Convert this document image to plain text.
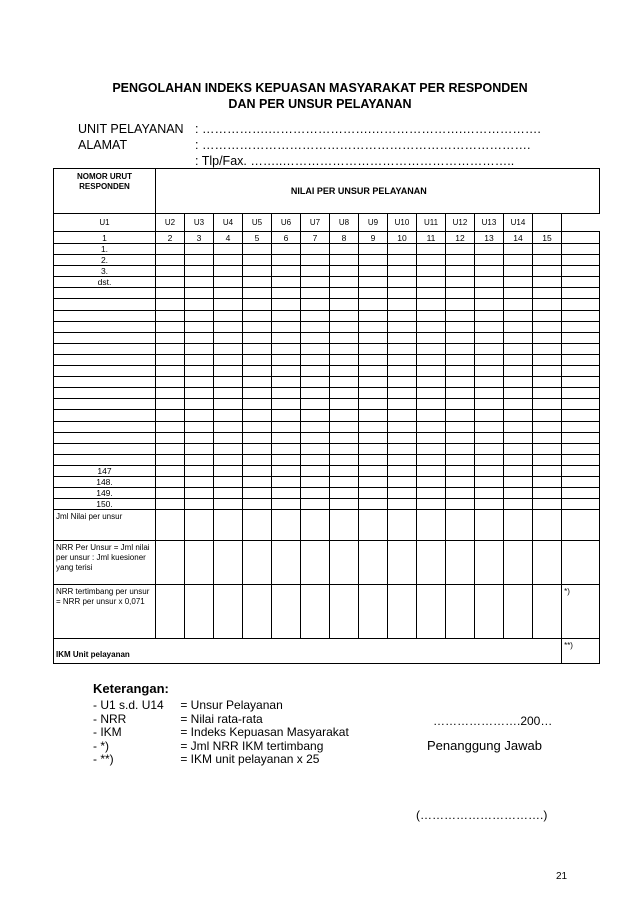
PENGOLAHAN INDEKS KEPUASAN MASYARAKAT PER RESPONDEN
DAN PER UNSUR PELAYANAN
UNIT PELAYANAN : …………….…………………….………………….……………….
ALAMAT	: …………………………………………………………………….
: Tlp/Fax. ……..………………………………………………..
NOMOR URUT RESPONDEN	NILAI PER UNSUR PELAYANAN														
U1	U2	U3	U4	U5	U6	U7	U8	U9	U10	U11	U12	U13	U14		
1	2	3	4	5	6	7	8	9	10	11	12	13	14	15	
1.															
2.															
3.															
dst.															

147															
148.															
149.															
150.															
Jml Nilai per unsur															
NRR Per Unsur = Jml nilai per unsur : Jml kuesioner yang terisi															
NRR tertimbang per unsur = NRR per unsur x 0,071															*)
IKM Unit pelayanan															**)
Keterangan:
- U1 s.d. U14 = Unsur Pelayanan
- NRR	= Nilai rata-rata
- IKM	= Indeks Kepuasan Masyarakat
- *)	= Jml NRR IKM tertimbang
- **)	= IKM unit pelayanan x 25
………………….200…
Penanggung Jawab
(………………………….)
21
